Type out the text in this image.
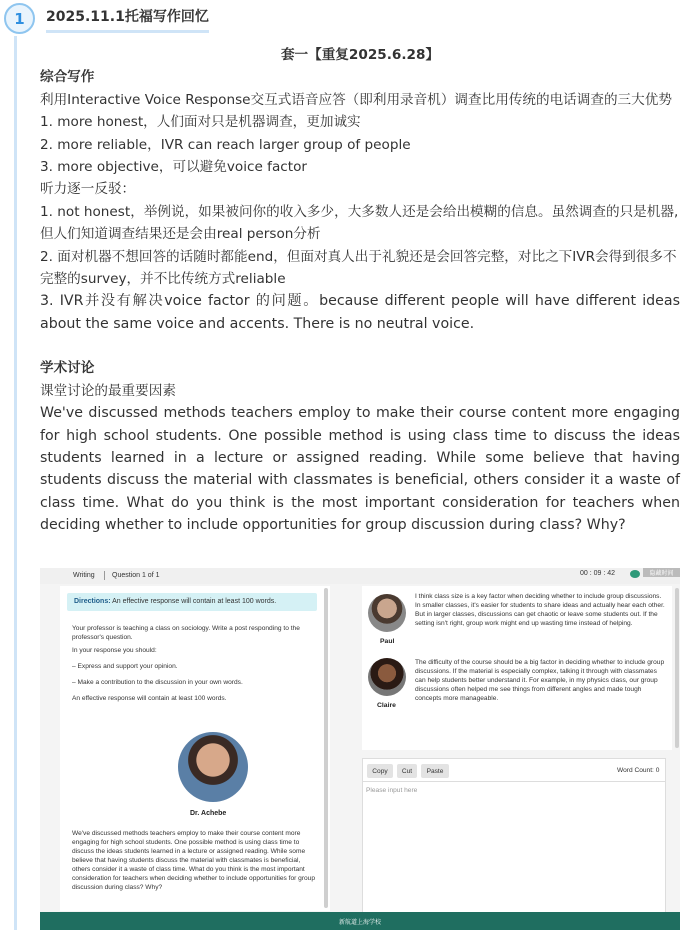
1	2025.11.1托福写作回忆

套一【重复2025.6.28】

综合写作

利用Interactive Voice Response交互式语音应答（即利用录音机）调查比用传统的电话调查的三大优势

1. more honest，人们面对只是机器调查，更加诚实

2. more reliable，IVR can reach larger group of people

3. more objective，可以避免voice factor

听力逐一反驳：

1. not honest，举例说，如果被问你的收入多少，大多数人还是会给出模糊的信息。虽然调查的只是机器, 但人们知道调查结果还是会由real person分析

2. 面对机器不想回答的话随时都能end，但面对真人出于礼貌还是会回答完整，对比之下IVR会得到很多不完整的survey，并不比传统方式reliable

3. IVR并没有解决voice factor 的问题。because different people will have different ideas about the same voice and accents. There is no neutral voice.

学术讨论

课堂讨论的最重要因素

We've discussed methods teachers employ to make their course content more engaging for high school students. One possible method is using class time to discuss the ideas students learned in a lecture or assigned reading. While some believe that having students discuss the material with classmates is beneficial, others consider it a waste of class time. What do you think is the most important consideration for teachers when deciding whether to include opportunities for group discussion during class? Why?

Writing Question 1 of 1	00 : 09 : 42	隐藏时间
Directions: An effective response will contain at least 100 words.
Your professor is teaching a class on sociology. Write a post responding to the professor's question.
In your response you should:
– Express and support your opinion.
– Make a contribution to the discussion in your own words.
An effective response will contain at least 100 words.
Dr. Achebe
We've discussed methods teachers employ to make their course content more engaging for high school students. One possible method is using class time to discuss the ideas students learned in a lecture or assigned reading. While some believe that having students discuss the material with classmates is beneficial, others consider it a waste of class time. What do you think is the most important consideration for teachers when deciding whether to include opportunities for group discussion during class? Why?
Paul
I think class size is a key factor when deciding whether to include group discussions. In smaller classes, it's easier for students to share ideas and actually hear each other. But in larger classes, discussions can get chaotic or leave some students out. If the setting isn't right, group work might end up wasting time instead of helping.
Claire
The difficulty of the course should be a big factor in deciding whether to include group discussions. If the material is especially complex, talking it through with classmates can help students better understand it. For example, in my physics class, our group discussions often helped me see things from different angles and made tough concepts more manageable.
Copy	Cut	Paste	Word Count: 0
Please input here
新航道上海学校
